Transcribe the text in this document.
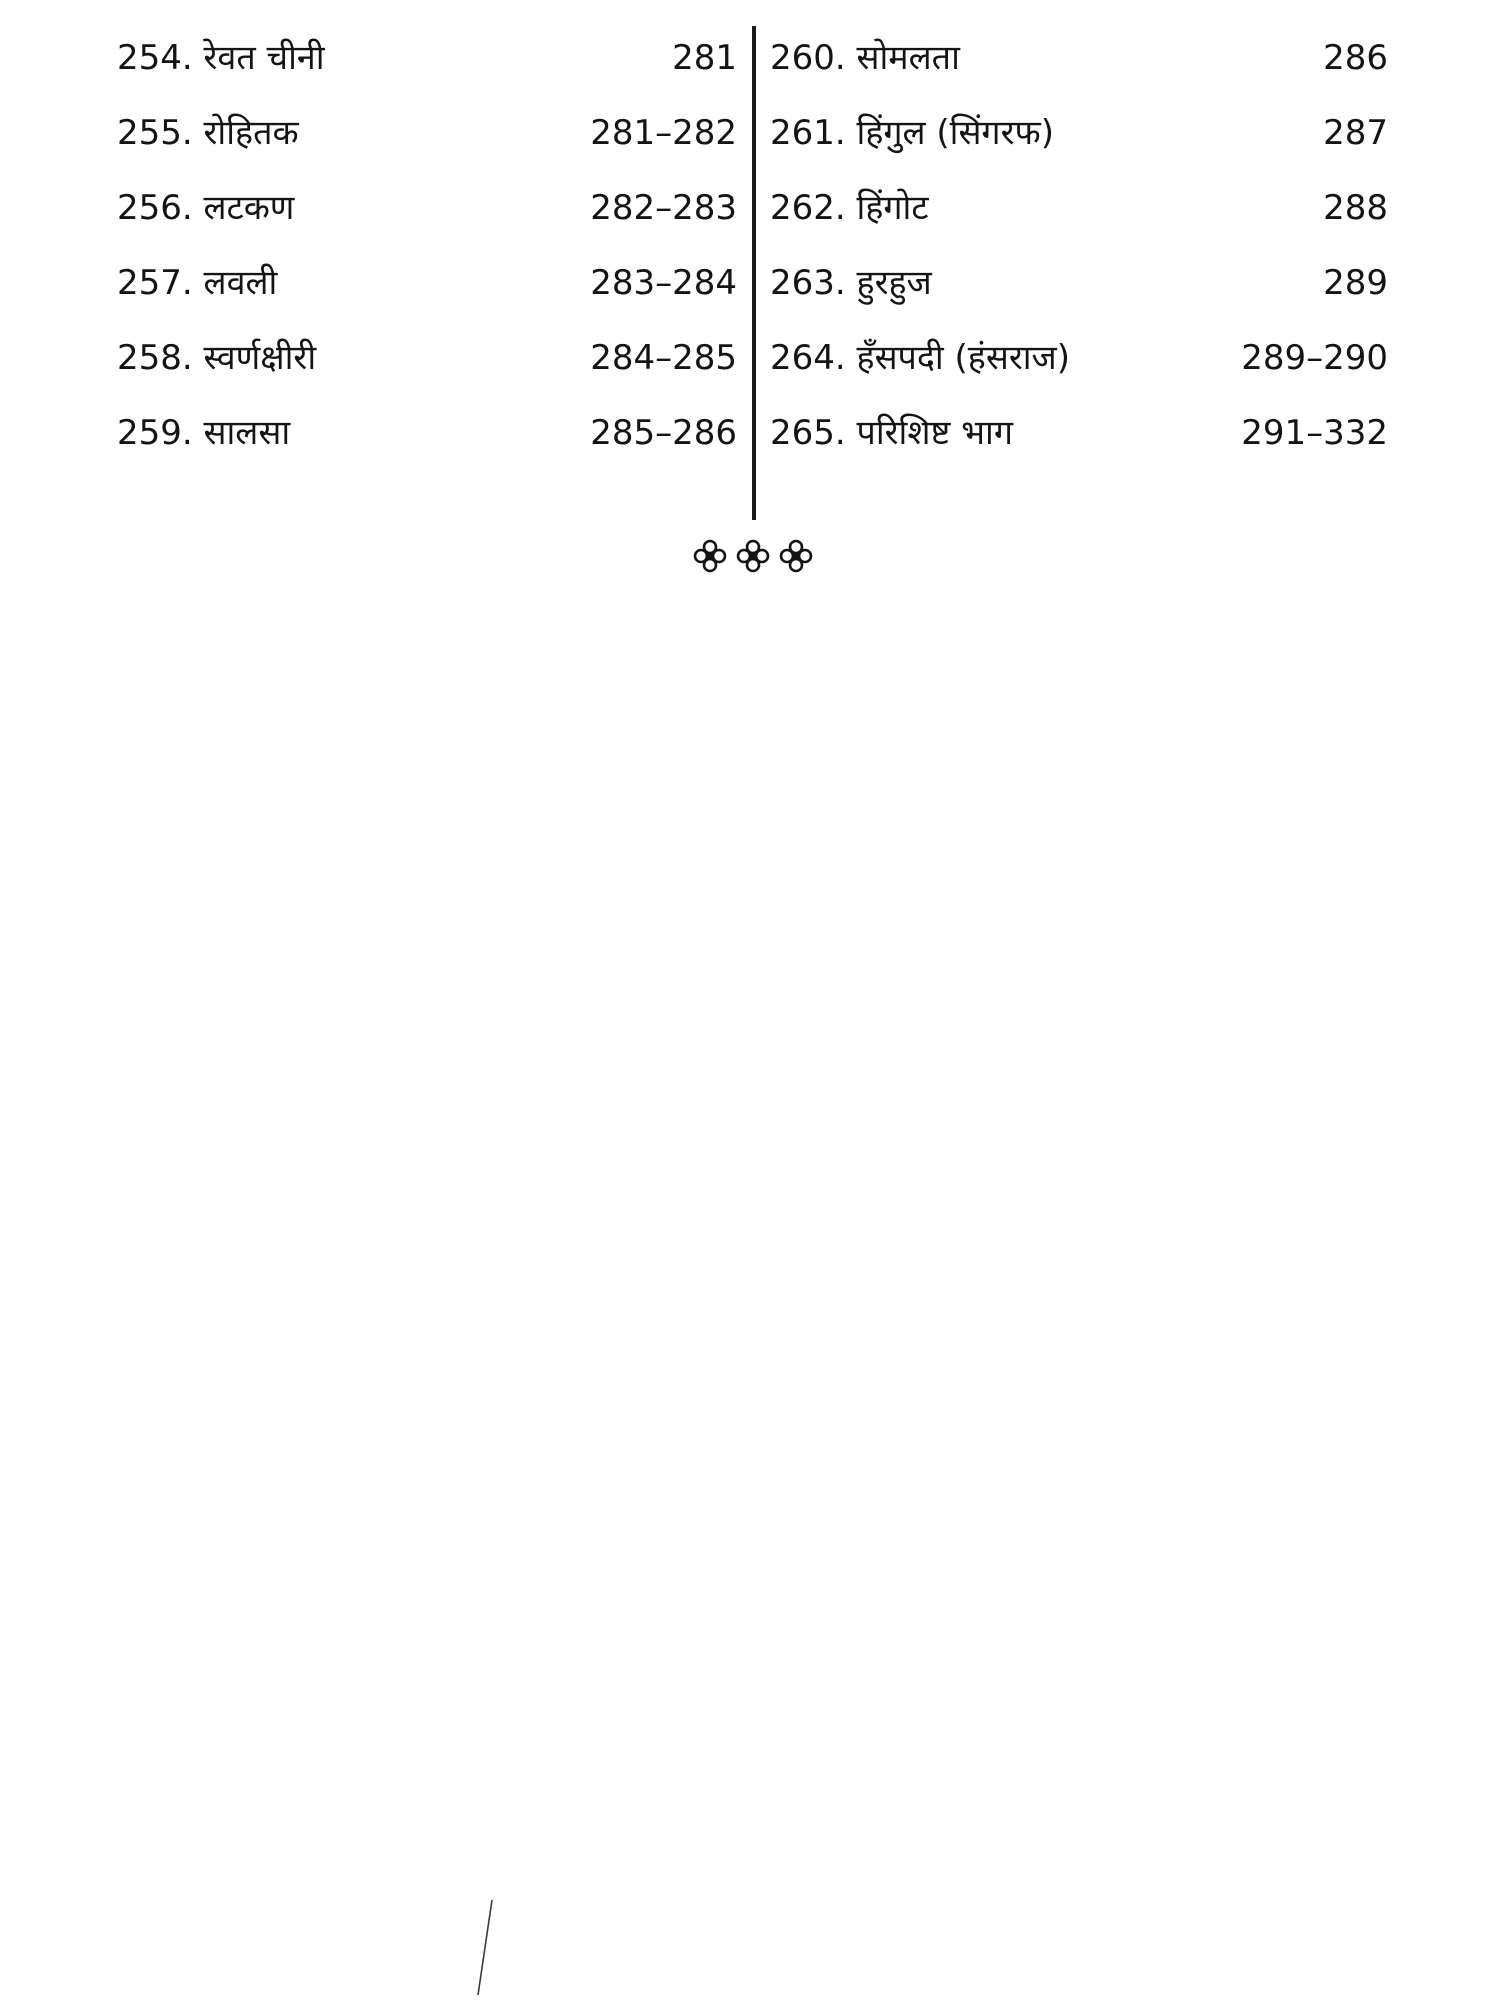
254. रेवत चीनी	281
255. रोहितक	281–282
256. लटकण	282–283
257. लवली	283–284
258. स्वर्णक्षीरी	284–285
259. सालसा	285–286
260. सोमलता	286
261. हिंगुल (सिंगरफ)	287
262. हिंगोट	288
263. हुरहुज	289
264. हँसपदी (हंसराज)	289–290
265. परिशिष्ट भाग	291–332
